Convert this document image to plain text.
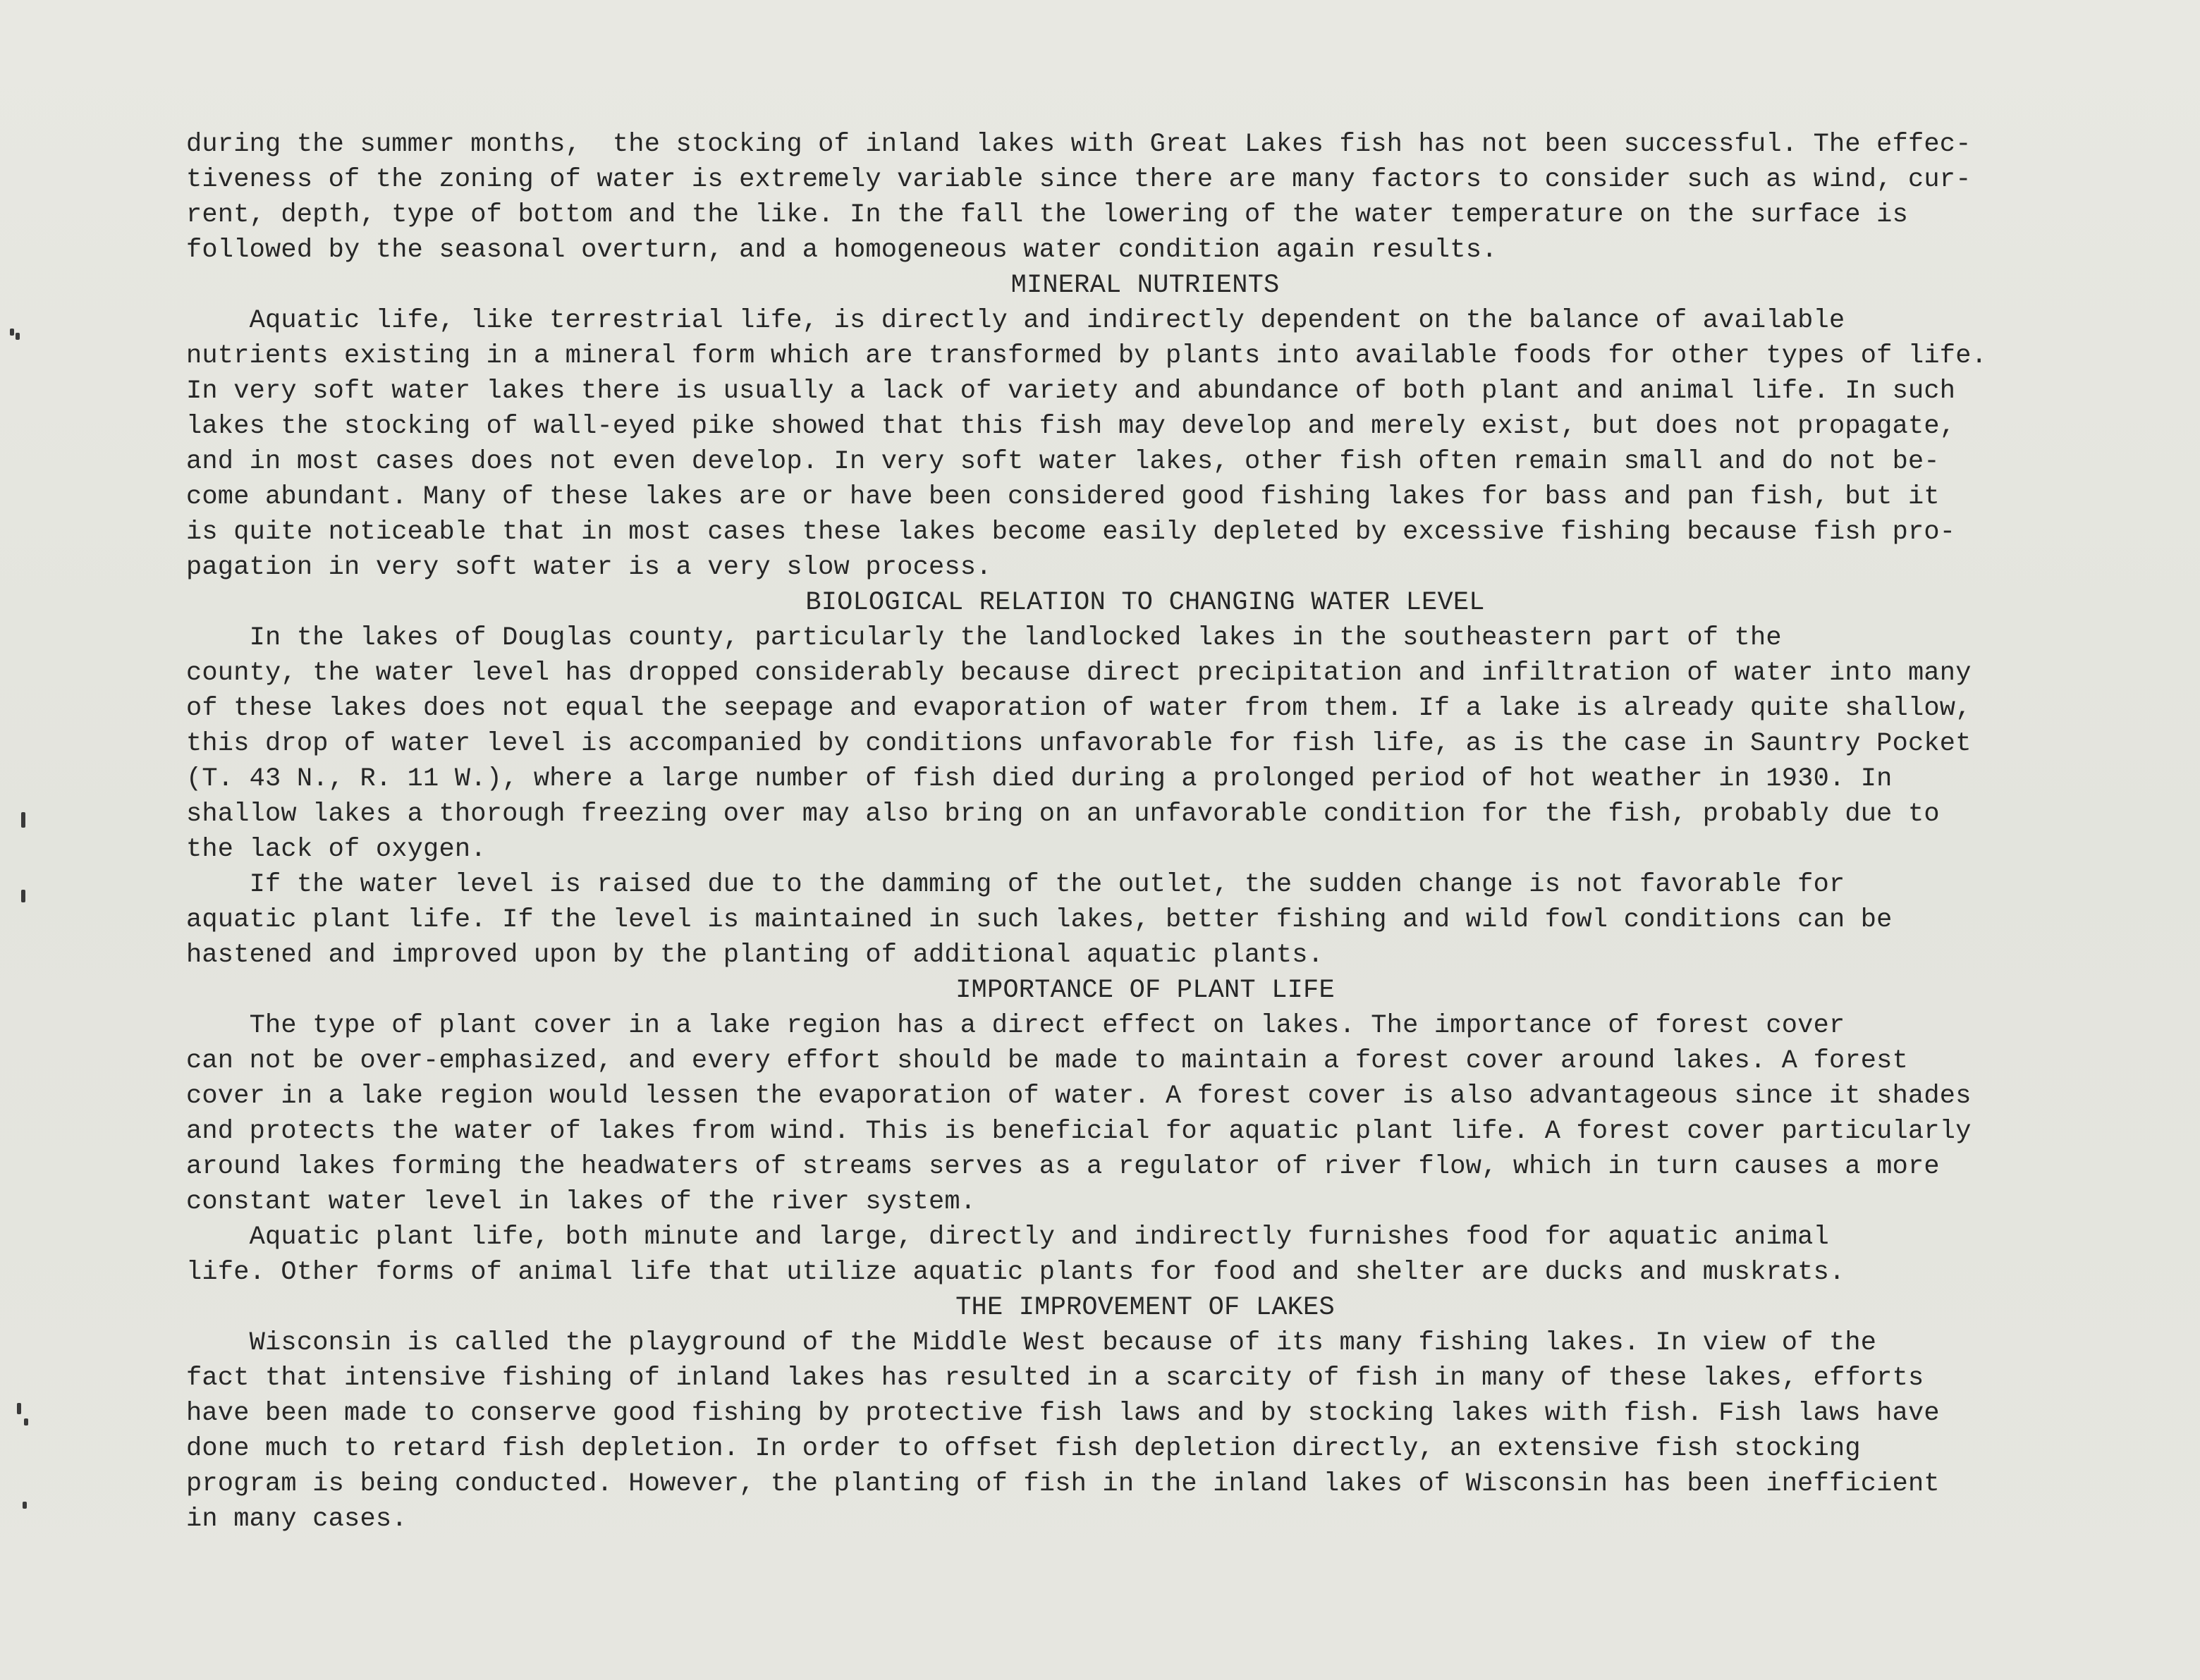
during the summer months,  the stocking of inland lakes with Great Lakes fish has not been successful. The effec-
tiveness of the zoning of water is extremely variable since there are many factors to consider such as wind, cur-
rent, depth, type of bottom and the like. In the fall the lowering of the water temperature on the surface is
followed by the seasonal overturn, and a homogeneous water condition again results.
MINERAL NUTRIENTS
Aquatic life, like terrestrial life, is directly and indirectly dependent on the balance of available
nutrients existing in a mineral form which are transformed by plants into available foods for other types of life.
In very soft water lakes there is usually a lack of variety and abundance of both plant and animal life. In such
lakes the stocking of wall-eyed pike showed that this fish may develop and merely exist, but does not propagate,
and in most cases does not even develop. In very soft water lakes, other fish often remain small and do not be-
come abundant. Many of these lakes are or have been considered good fishing lakes for bass and pan fish, but it
is quite noticeable that in most cases these lakes become easily depleted by excessive fishing because fish pro-
pagation in very soft water is a very slow process.
BIOLOGICAL RELATION TO CHANGING WATER LEVEL
In the lakes of Douglas county, particularly the landlocked lakes in the southeastern part of the
county, the water level has dropped considerably because direct precipitation and infiltration of water into many
of these lakes does not equal the seepage and evaporation of water from them. If a lake is already quite shallow,
this drop of water level is accompanied by conditions unfavorable for fish life, as is the case in Sauntry Pocket
(T. 43 N., R. 11 W.), where a large number of fish died during a prolonged period of hot weather in 1930. In
shallow lakes a thorough freezing over may also bring on an unfavorable condition for the fish, probably due to
the lack of oxygen.
If the water level is raised due to the damming of the outlet, the sudden change is not favorable for
aquatic plant life. If the level is maintained in such lakes, better fishing and wild fowl conditions can be
hastened and improved upon by the planting of additional aquatic plants.
IMPORTANCE OF PLANT LIFE
The type of plant cover in a lake region has a direct effect on lakes. The importance of forest cover
can not be over-emphasized, and every effort should be made to maintain a forest cover around lakes. A forest
cover in a lake region would lessen the evaporation of water. A forest cover is also advantageous since it shades
and protects the water of lakes from wind. This is beneficial for aquatic plant life. A forest cover particularly
around lakes forming the headwaters of streams serves as a regulator of river flow, which in turn causes a more
constant water level in lakes of the river system.
Aquatic plant life, both minute and large, directly and indirectly furnishes food for aquatic animal
life. Other forms of animal life that utilize aquatic plants for food and shelter are ducks and muskrats.
THE IMPROVEMENT OF LAKES
Wisconsin is called the playground of the Middle West because of its many fishing lakes. In view of the
fact that intensive fishing of inland lakes has resulted in a scarcity of fish in many of these lakes, efforts
have been made to conserve good fishing by protective fish laws and by stocking lakes with fish. Fish laws have
done much to retard fish depletion. In order to offset fish depletion directly, an extensive fish stocking
program is being conducted. However, the planting of fish in the inland lakes of Wisconsin has been inefficient
in many cases.
